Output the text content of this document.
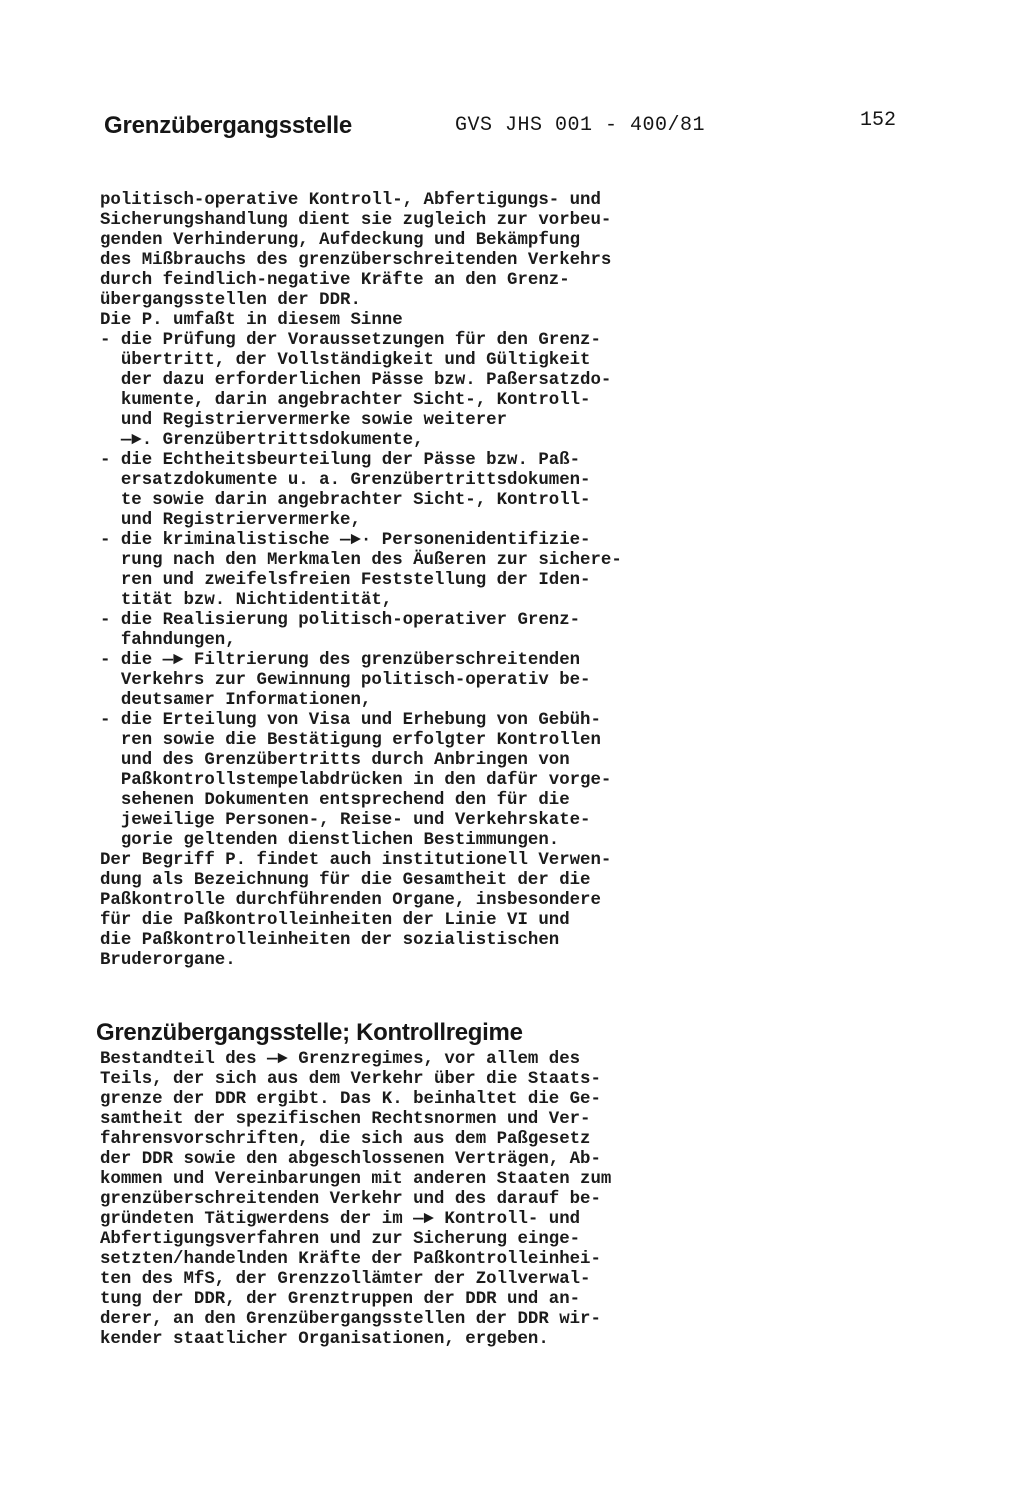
Grenzübergangsstelle	GVS JHS 001 - 400/81	152
politisch-operative Kontroll-, Abfertigungs- und
Sicherungshandlung dient sie zugleich zur vorbeu-
genden Verhinderung, Aufdeckung und Bekämpfung
des Mißbrauchs des grenzüberschreitenden Verkehrs
durch feindlich-negative Kräfte an den Grenz-
übergangsstellen der DDR.
Die P. umfaßt in diesem Sinne
- die Prüfung der Voraussetzungen für den Grenz-
übertritt, der Vollständigkeit und Gültigkeit
der dazu erforderlichen Pässe bzw. Paßersatzdo-
kumente, darin angebrachter Sicht-, Kontroll-
und Registriervermerke sowie weiterer
—►. Grenzübertrittsdokumente,
- die Echtheitsbeurteilung der Pässe bzw. Paß-
ersatzdokumente u. a. Grenzübertrittsdokumen-
te sowie darin angebrachter Sicht-, Kontroll-
und Registriervermerke,
- die kriminalistische —►· Personenidentifizie-
rung nach den Merkmalen des Äußeren zur sichere-
ren und zweifelsfreien Feststellung der Iden-
tität bzw. Nichtidentität,
- die Realisierung politisch-operativer Grenz-
fahndungen,
- die —► Filtrierung des grenzüberschreitenden
Verkehrs zur Gewinnung politisch-operativ be-
deutsamer Informationen,
- die Erteilung von Visa und Erhebung von Gebüh-
ren sowie die Bestätigung erfolgter Kontrollen
und des Grenzübertritts durch Anbringen von
Paßkontrollstempelabdrücken in den dafür vorge-
sehenen Dokumenten entsprechend den für die
jeweilige Personen-, Reise- und Verkehrskate-
gorie geltenden dienstlichen Bestimmungen.
Der Begriff P. findet auch institutionell Verwen-
dung als Bezeichnung für die Gesamtheit der die
Paßkontrolle durchführenden Organe, insbesondere
für die Paßkontrolleinheiten der Linie VI und
die Paßkontrolleinheiten der sozialistischen
Bruderorgane.
Grenzübergangsstelle; Kontrollregime
Bestandteil des —► Grenzregimes, vor allem des
Teils, der sich aus dem Verkehr über die Staats-
grenze der DDR ergibt. Das K. beinhaltet die Ge-
samtheit der spezifischen Rechtsnormen und Ver-
fahrensvorschriften, die sich aus dem Paßgesetz
der DDR sowie den abgeschlossenen Verträgen, Ab-
kommen und Vereinbarungen mit anderen Staaten zum
grenzüberschreitenden Verkehr und des darauf be-
gründeten Tätigwerdens der im —► Kontroll- und
Abfertigungsverfahren und zur Sicherung einge-
setzten/handelnden Kräfte der Paßkontrolleinhei-
ten des MfS, der Grenzzollämter der Zollverwal-
tung der DDR, der Grenztruppen der DDR und an-
derer, an den Grenzübergangsstellen der DDR wir-
kender staatlicher Organisationen, ergeben.
